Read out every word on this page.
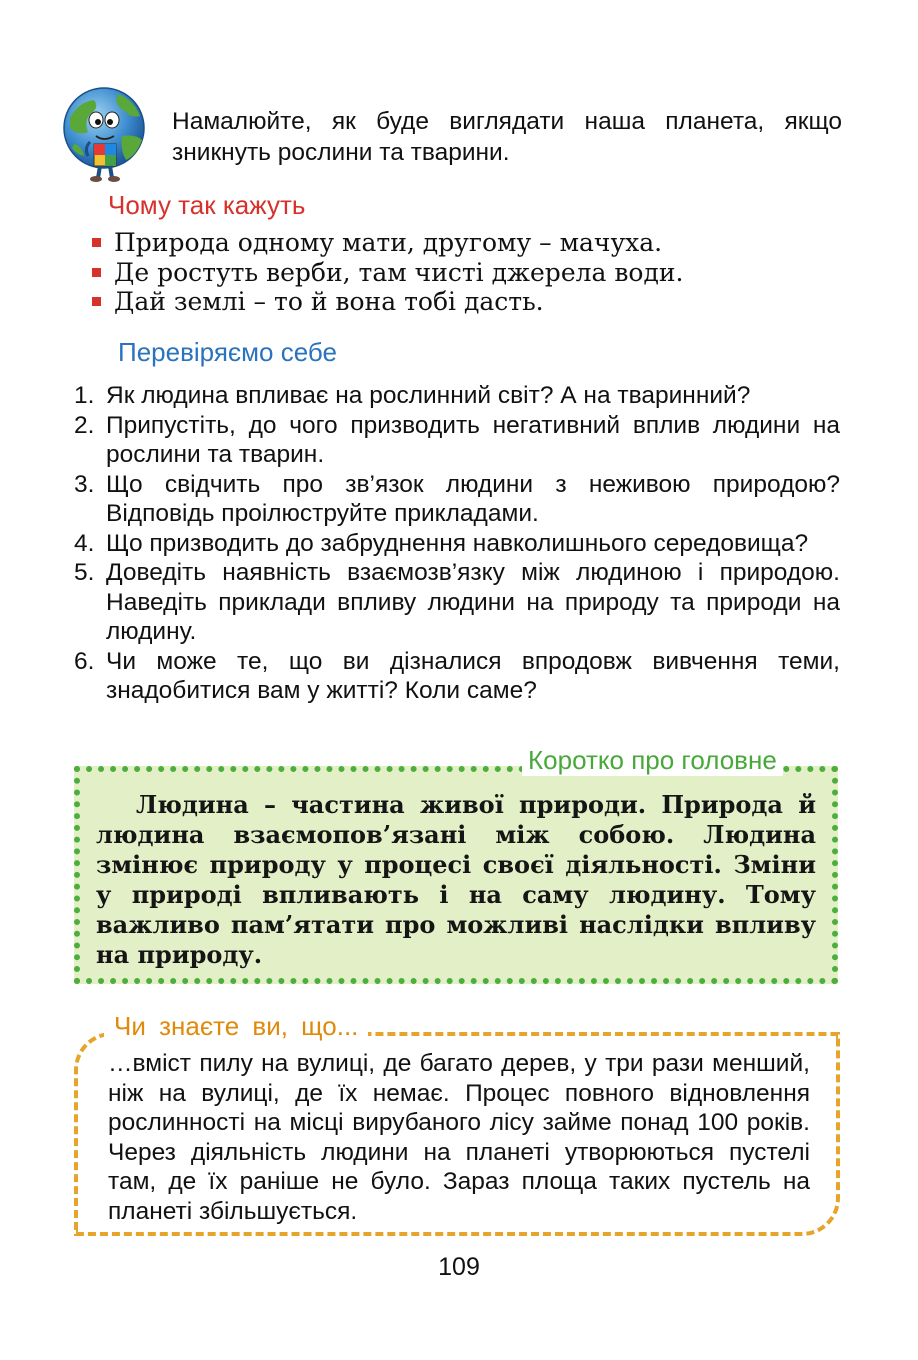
Намалюйте, як буде виглядати наша планета, якщо зникнуть рослини та тварини.
Чому так кажуть
Природа одному мати, другому – мачуха.
Де ростуть верби, там чисті джерела води.
Дай землі – то й вона тобі дасть.
Перевіряємо себе
1. Як людина впливає на рослинний світ? А на тваринний?
2. Припустіть, до чого призводить негативний вплив людини на рослини та тварин.
3. Що свідчить про зв’язок людини з неживою природою? Відповідь проілюструйте прикладами.
4. Що призводить до забруднення навколишнього середовища?
5. Доведіть наявність взаємозв’язку між людиною і природою. Наведіть приклади впливу людини на природу та природи на людину.
6. Чи може те, що ви дізналися впродовж вивчення теми, знадобитися вам у житті? Коли саме?
Коротко про головне
Людина – частина живої природи. Природа й людина взаємопов’язані між собою. Людина змінює природу у процесі своєї діяльності. Зміни у природі впливають і на саму людину. Тому важливо пам’ятати про можливі наслідки впливу на природу.
Чи знаєте ви, що...
…вміст пилу на вулиці, де багато дерев, у три рази менший, ніж на вулиці, де їх немає. Процес повного відновлення рослинності на місці вирубаного лісу займе понад 100 років. Через діяльність людини на планеті утворюються пустелі там, де їх раніше не було. Зараз площа таких пустель на планеті збільшується.
109
